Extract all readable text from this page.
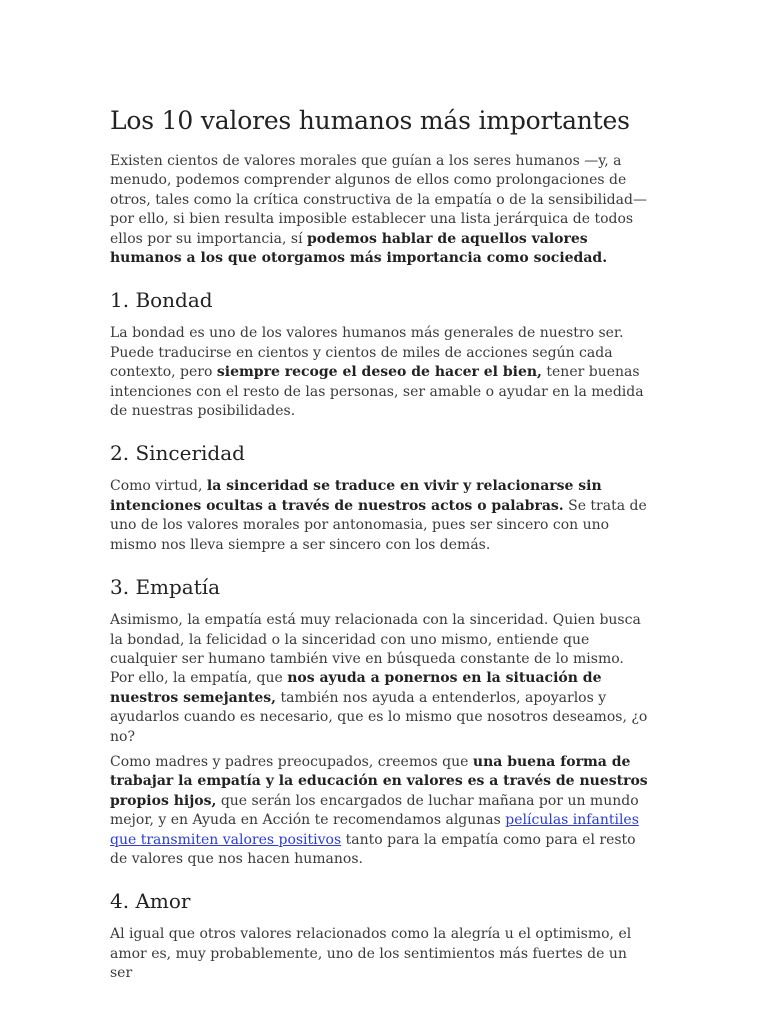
Los 10 valores humanos más importantes

Existen cientos de valores morales que guían a los seres humanos —y, a menudo, podemos comprender algunos de ellos como prolongaciones de otros, tales como la crítica constructiva de la empatía o de la sensibilidad— por ello, si bien resulta imposible establecer una lista jerárquica de todos ellos por su importancia, sí podemos hablar de aquellos valores humanos a los que otorgamos más importancia como sociedad.

1. Bondad

La bondad es uno de los valores humanos más generales de nuestro ser. Puede traducirse en cientos y cientos de miles de acciones según cada contexto, pero siempre recoge el deseo de hacer el bien, tener buenas intenciones con el resto de las personas, ser amable o ayudar en la medida de nuestras posibilidades.

2. Sinceridad

Como virtud, la sinceridad se traduce en vivir y relacionarse sin intenciones ocultas a través de nuestros actos o palabras. Se trata de uno de los valores morales por antonomasia, pues ser sincero con uno mismo nos lleva siempre a ser sincero con los demás.

3. Empatía

Asimismo, la empatía está muy relacionada con la sinceridad. Quien busca la bondad, la felicidad o la sinceridad con uno mismo, entiende que cualquier ser humano también vive en búsqueda constante de lo mismo. Por ello, la empatía, que nos ayuda a ponernos en la situación de nuestros semejantes, también nos ayuda a entenderlos, apoyarlos y ayudarlos cuando es necesario, que es lo mismo que nosotros deseamos, ¿o no?

Como madres y padres preocupados, creemos que una buena forma de trabajar la empatía y la educación en valores es a través de nuestros propios hijos, que serán los encargados de luchar mañana por un mundo mejor, y en Ayuda en Acción te recomendamos algunas películas infantiles que transmiten valores positivos tanto para la empatía como para el resto de valores que nos hacen humanos.

4. Amor

Al igual que otros valores relacionados como la alegría u el optimismo, el amor es, muy probablemente, uno de los sentimientos más fuertes de un ser
